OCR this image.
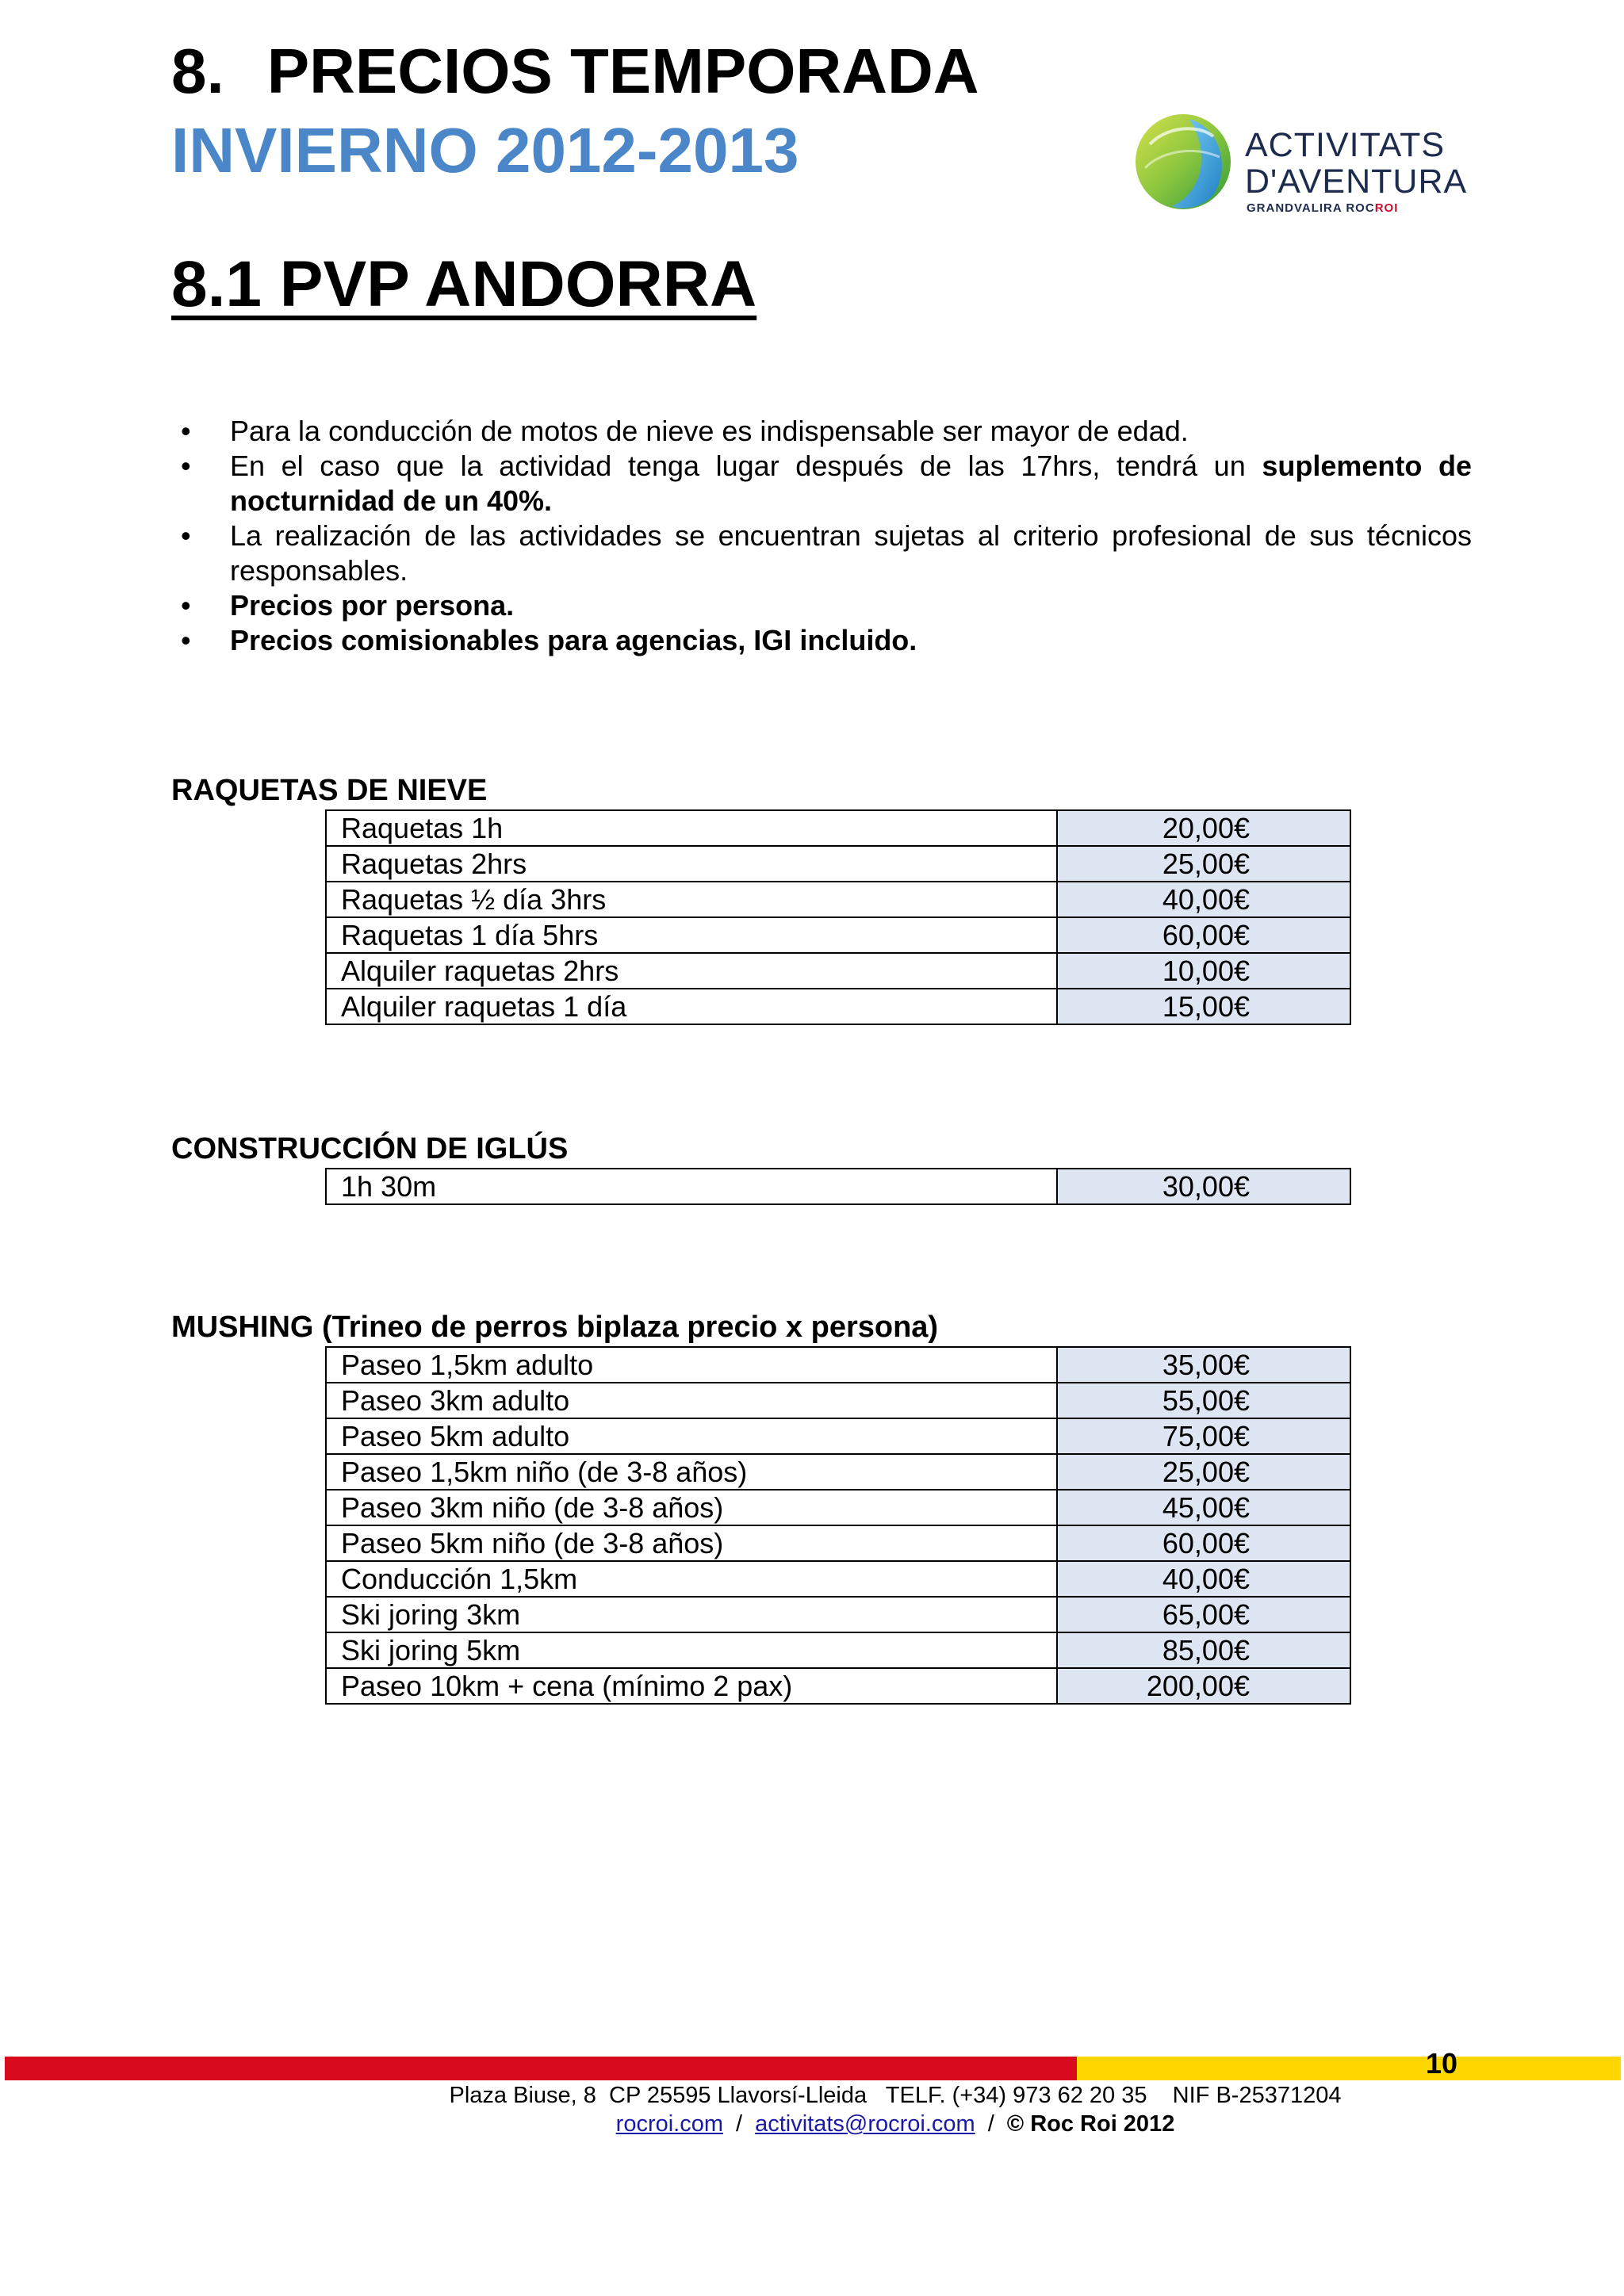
8. PRECIOS TEMPORADA
INVIERNO 2012-2013
8.1 PVP ANDORRA
ACTIVITATS
D'AVENTURA
GRANDVALIRA ROCROI
• Para la conducción de motos de nieve es indispensable ser mayor de edad.
• En el caso que la actividad tenga lugar después de las 17hrs, tendrá un suplemento de nocturnidad de un 40%.
• La realización de las actividades se encuentran sujetas al criterio profesional de sus técnicos responsables.
• Precios por persona.
• Precios comisionables para agencias, IGI incluido.
RAQUETAS DE NIEVE
Raquetas 1h	20,00€
Raquetas 2hrs	25,00€
Raquetas ½ día 3hrs	40,00€
Raquetas 1 día 5hrs	60,00€
Alquiler raquetas 2hrs	10,00€
Alquiler raquetas 1 día	15,00€
CONSTRUCCIÓN DE IGLÚS
1h 30m	30,00€
MUSHING (Trineo de perros biplaza precio x persona)
Paseo 1,5km adulto	35,00€
Paseo 3km adulto	55,00€
Paseo 5km adulto	75,00€
Paseo 1,5km niño (de 3-8 años)	25,00€
Paseo 3km niño (de 3-8 años)	45,00€
Paseo 5km niño (de 3-8 años)	60,00€
Conducción 1,5km	40,00€
Ski joring 3km	65,00€
Ski joring 5km	85,00€
Paseo 10km + cena (mínimo 2 pax)	200,00€
10
Plaza Biuse, 8  CP 25595 Llavorsí-Lleida   TELF. (+34) 973 62 20 35    NIF B-25371204
rocroi.com / activitats@rocroi.com / © Roc Roi 2012
